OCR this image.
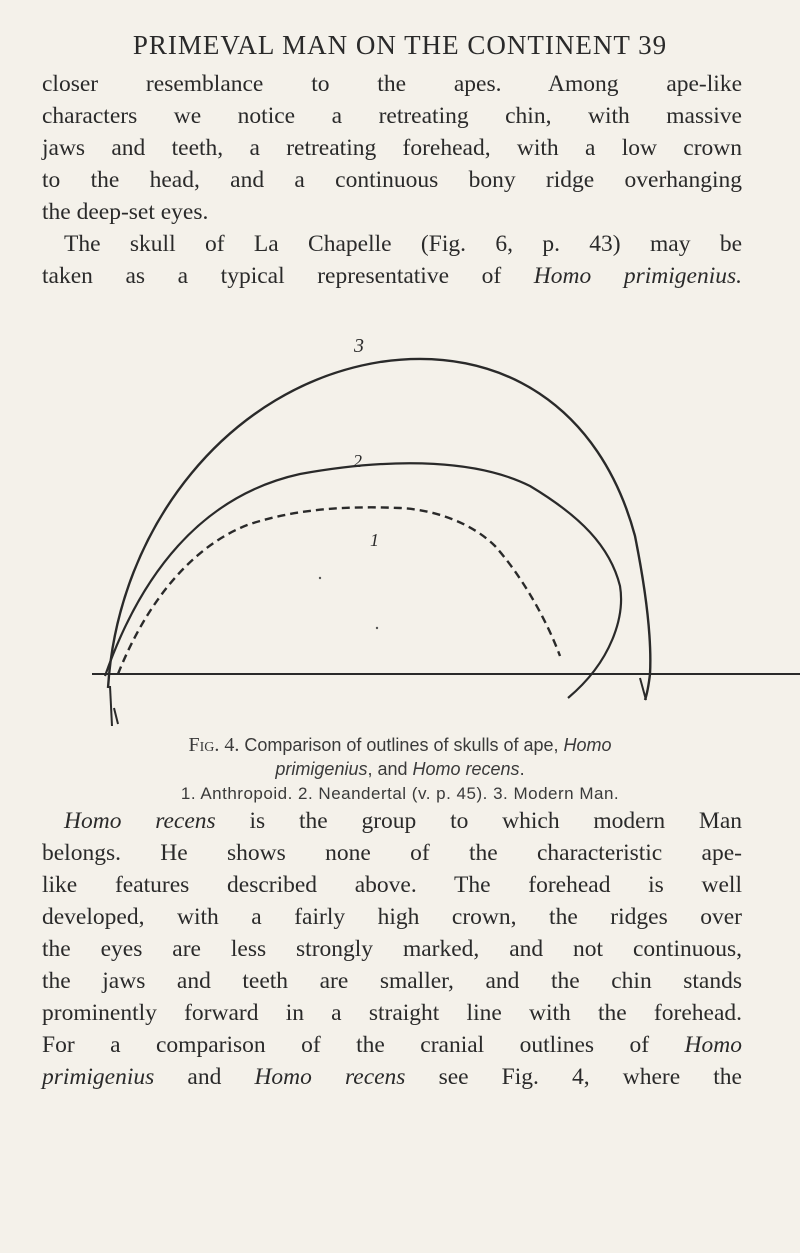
PRIMEVAL MAN ON THE CONTINENT 39
closer resemblance to the apes. Among ape-like
characters we notice a retreating chin, with massive
jaws and teeth, a retreating forehead, with a low crown
to the head, and a continuous bony ridge overhanging
the deep-set eyes.
The skull of La Chapelle (Fig. 6, p. 43) may be
taken as a typical representative of Homo primigenius.
3
2
1
Fig. 4. Comparison of outlines of skulls of ape, Homo
primigenius, and Homo recens.
1. Anthropoid. 2. Neandertal (v. p. 45). 3. Modern Man.
Homo recens is the group to which modern Man
belongs. He shows none of the characteristic ape-
like features described above. The forehead is well
developed, with a fairly high crown, the ridges over
the eyes are less strongly marked, and not continuous,
the jaws and teeth are smaller, and the chin stands
prominently forward in a straight line with the forehead.
For a comparison of the cranial outlines of Homo
primigenius and Homo recens see Fig. 4, where the
